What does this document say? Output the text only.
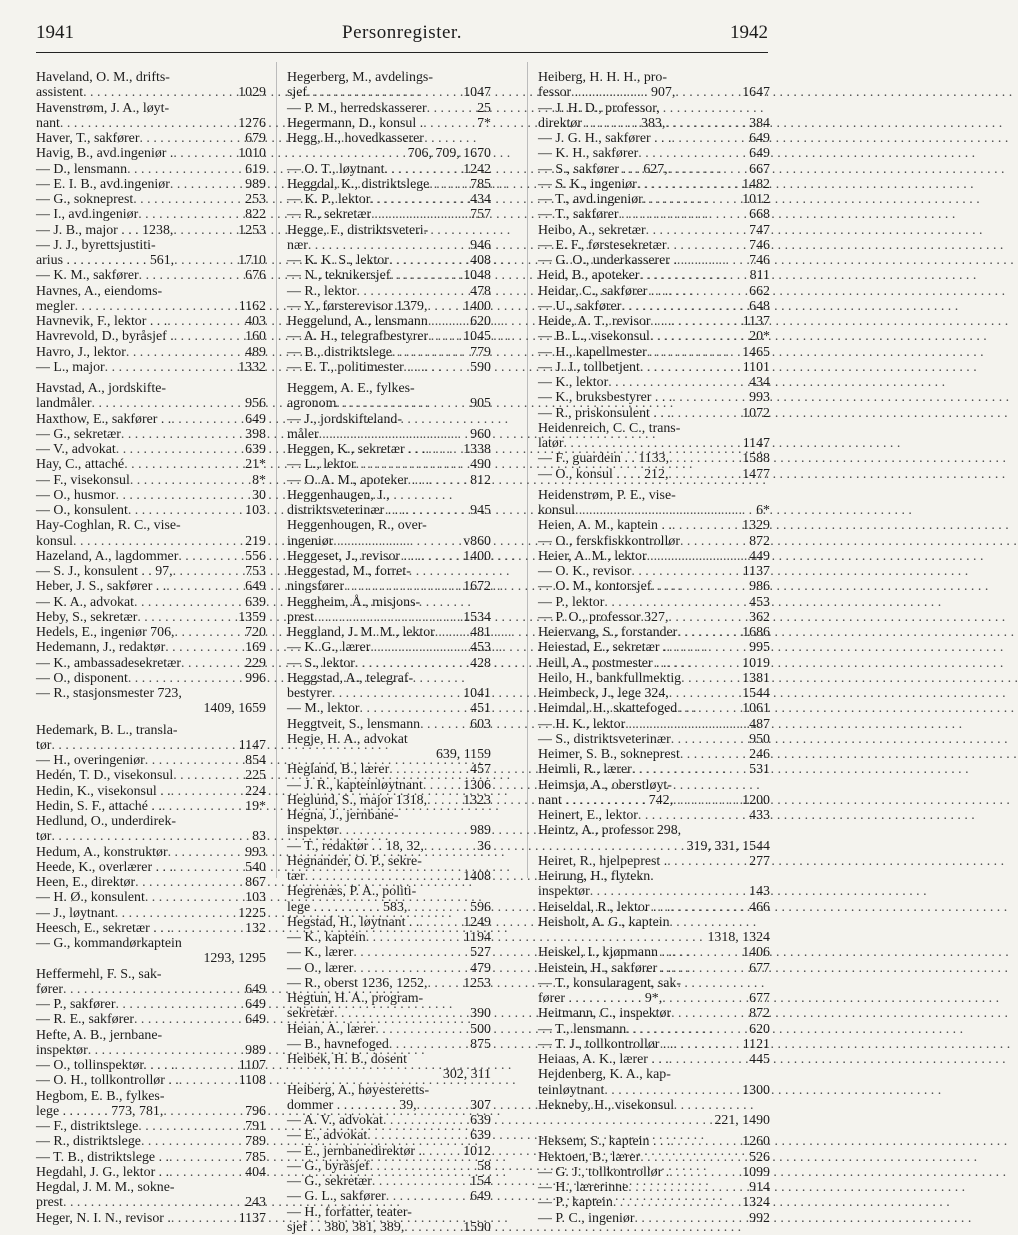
1941	Personregister.	1942
Haveland, O. M., drifts-
assistent . . .	1029
Havenstrøm, J. A., løyt-
nant . . .	1276
Haver, T., sakfører . . .	679
Havig, B., avd.ingeniør . . . .	1010
— D., lensmann . . .	619
— E. I. B., avd.ingeniør . . .	989
— G., sokneprest . . .	253
— I., avd.ingeniør . . .	822
— J. B., major . . . 1238, . . .	1253
— J. J., byrettsjustiti-
arius . . . . . . . . . . . . 561, . . .	1710
— K. M., sakfører . . .	676
Havnes, A., eiendoms-
megler . . .	1162
Havnevik, F., lektor . . . . . .	403
Havrevold, D., byråsjef . . . .	160
Havro, J., lektor . . .	489
— L., major . . .	1332
Havstad, A., jordskifte-
landmåler . . .	956
Haxthow, E., sakfører . . . . .	649
— G., sekretær . . .	398
— V., advokat . . .	639
Hay, C., attaché . . .	21*
— F., visekonsul . . .	8*
— O., husmor . . .	30
— O., konsulent . . .	103
Hay-Coghlan, R. C., vise-
konsul . . .	219
Hazeland, A., lagdommer . . .	556
— S. J., konsulent . . 97, . . .	753
Heber, J. S., sakfører . . . . .	649
— K. A., advokat . . .	639
Heby, S., sekretær . . .	1359
Hedels, E., ingeniør 706, . . .	720
Hedemann, J., redaktør . . .	169
— K., ambassadesekretær . . .	229
— O., disponent . . .	996
— R., stasjonsmester 723,
1409, 1659
Hedemark, B. L., transla-
tør . . .	1147
— H., overingeniør . . .	854
Hedén, T. D., visekonsul . . .	225
Hedin, K., visekonsul . . . . .	224
Hedin, S. F., attaché . . . . .	19*
Hedlund, O., underdirek-
tør . . .	83
Hedum, A., konstruktør . . .	993
Heede, K., overlærer . . . . . .	540
Heen, E., direktør . . .	867
— H. Ø., konsulent . . .	103
— J., løytnant . . .	1225
Heesch, E., sekretær . . . . . .	132
— G., kommandørkaptein
1293, 1295
Heffermehl, F. S., sak-
fører . . .	649
— P., sakfører . . .	649
— R. E., sakfører . . .	649
Hefte, A. B., jernbane-
inspektør . . .	989
— O., tollinspektør. . . . . . . .	1107
— O. H., tollkontrollør . . . . .	1108
Hegbom, E. B., fylkes-
lege . . . . . . . 773, 781, . . .	796
— F., distriktslege . . .	791
— R., distriktslege . . .	789
— T. B., distriktslege . . . . .	785
Hegdahl, J. G., lektor . . . . .	404
Hegdal, J. M. M., sokne-
prest . . .	243
Heger, N. I. N., revisor . . . .	1137
Hegerberg, M., avdelings-
sjef . . .	1047
— P. M., herredskasserer . . .	25
Hegermann, D., konsul . . . .	7*
Hegg, H., hovedkasserer
706, 709, 1670
— O. T., løytnant . . .	1242
Heggdal, K., distriktslege . . .	785
— K. P., lektor . . .	434
— R., sekretær . . .	757
Hegge, F., distriktsveteri-
nær . . .	946
— K. K. S., lektor . . .	408
— N., teknikersjef . . .	1048
— R., lektor . . .	478
— Y., førsterevisor 1379, . . .	1400
Heggelund, A., lensmann . . .	620
— A. H., telegrafbestyrer . . .	1045
— B., distriktslege . . .	779
— E. T., politimester . . . . . .	590
Heggem, A. E., fylkes-
agronom . . .	905
— J., jordskifteland-
måler . . .	960
Heggen, K., sekretær . . . . . .	1338
— L., lektor . . .	490
— O. A. M., apoteker . . . . . .	812
Heggenhaugen, J.,
distriktsveterinær . . . . . .	945
Heggenhougen, R., over-
ingeniør . . .	v860
Heggeset, J., revisor . . . . . .	1400
Heggestad, M., forret-
ningsfører . . .	1672
Heggheim, Å., misjons-
prest . . .	1534
Heggland, J. M. M., lektor . . .	481
— K. G., lærer . . .	453
— S., lektor . . .	428
Heggstad, A., telegraf-
bestyrer . . .	1041
— M., lektor . . .	451
Heggtveit, S., lensmann . . .	603
Hegje, H. A., advokat
639, 1159
Hegland, B., lærer . . .	457
— J. R., kapteinløytnant . . .	1306
Heglund, S., major 1318, . . .	1323
Hegna, J., jernbane-
inspektør . . .	989
— T., redaktør . . 18, 32, . . .	36
Hegnander, O. P., sekre-
tær . . .	1408
Hegrenæs, P. A., politi-
lege . . . . . . . . . . 583, . . .	596
Hegstad, H., løytnant . . . . .	1249
— K., kaptein . . .	1194
— K., lærer . . .	527
— O., lærer . . .	479
— R., oberst 1236, 1252, . . .	1253
Hegtun, H. A., program-
sekretær . . .	390
Heian, A., lærer . . .	500
— B., havnefoged . . .	875
Heibek, H. B., dosent
302, 311
Heiberg, A., høyesteretts-
dommer . . . . . . . . . 39, . . .	307
— A. V., advokat . . .	639
— E., advokat . . .	639
— E., jernbanedirektør . . . .	1012
— G., byråsjef . . .	58
— G., sekretær . . .	154
— G. L., sakfører . . .	649
— H., forfatter, teater-
sjef . . 380, 381, 389, . . .	1590
Heiberg, H. H. H., pro-
fessor . . . . . . . . . . . 907, . . .	1647
— J. H. D., professor,
direktør . . . . . . . . 383, . . .	384
— J. G. H., sakfører . . . . . .	649
— K. H., sakfører . . .	649
— S., sakfører . . . 627, . . .	667
— S. K., ingeniør . . .	1482
— T., avd.ingeniør . . .	1012
— T., sakfører . . .	668
Heibo, A., sekretær . . .	747
— E. F., førstesekretær . . .	746
— G. O., underkasserer . . . .	746
Heid, B., apoteker . . .	811
Heidar, C., sakfører . . . . . .	662
— U., sakfører . . .	648
Heide, A. T., revisor . . . . . .	1137
— B. L., visekonsul . . .	20*
— H., kapellmester . . .	1465
— J. J., tollbetjent . . .	1101
— K., lektor . . .	434
— K., bruksbestyrer . . . . . .	993
— R., priskonsulent . . . . . .	1072
Heidenreich, C. C., trans-
latør . . .	1147
— F., guardein . . 1133, . . .	1588
— O., konsul . . . . 212, . . .	1477
Heidenstrøm, P. E., vise-
konsul . . .	6*
Heien, A. M., kaptein . . . . .	1329
— O., ferskfiskkontrollør . . .	872
Heier, A. M., lektor . . .	449
— O. K., revisor . . .	1137
— O. M., kontorsjef . . .	986
— P., lektor . . .	453
— P. O., professor 327, . . .	362
Heiervang, S., forstander . . .	1686
Heiestad, E., sekretær . . . .	995
Heill, A., postmester . . . . .	1019
Heilo, H., bankfullmektig . . .	1381
Heimbeck, J., lege 324, . . .	1544
Heimdal, H., skattefoged . . .	1061
— H. K., lektor . . .	487
— S., distriktsveterinær . . .	950
Heimer, S. B., sokneprest . . .	246
Heimli, R., lærer . . .	531
Heimsjø, A., oberstløyt-
nant . . . . . . . . . . . . 742, . . .	1200
Heinert, E., lektor . . .	433
Heintz, A., professor 298,
319, 331, 1544
Heiret, R., hjelpeprest . . . .	277
Heirung, H., flytekn.
inspektør . . .	143
Heiseldal, R., lektor . . . . . .	466
Heisholt, A. G., kaptein
1318, 1324
Heiskel, I., kjøpmann . . . . .	1406
Heistein, H., sakfører . . . . .	677
— T., konsularagent, sak-
fører . . . . . . . . . . . 9*, . . .	677
Heitmann, C., inspektør . . .	872
— T., lensmann . . .	620
— T. J., tollkontrollør . . . . .	1121
Heiaas, A. K., lærer . . . . . .	445
Hejdenberg, K. A., kap-
teinløytnant . . .	1300
Hekneby, H., visekonsul
221, 1490
Heksem, S., kaptein . . . . . .	1260
Hektoen, B., lærer . . .	526
— G. J., tollkontrollør . . . .	1099
— H., lærerinne . . .	914
— P., kaptein . . .	1324
— P. C., ingeniør . . .	992
